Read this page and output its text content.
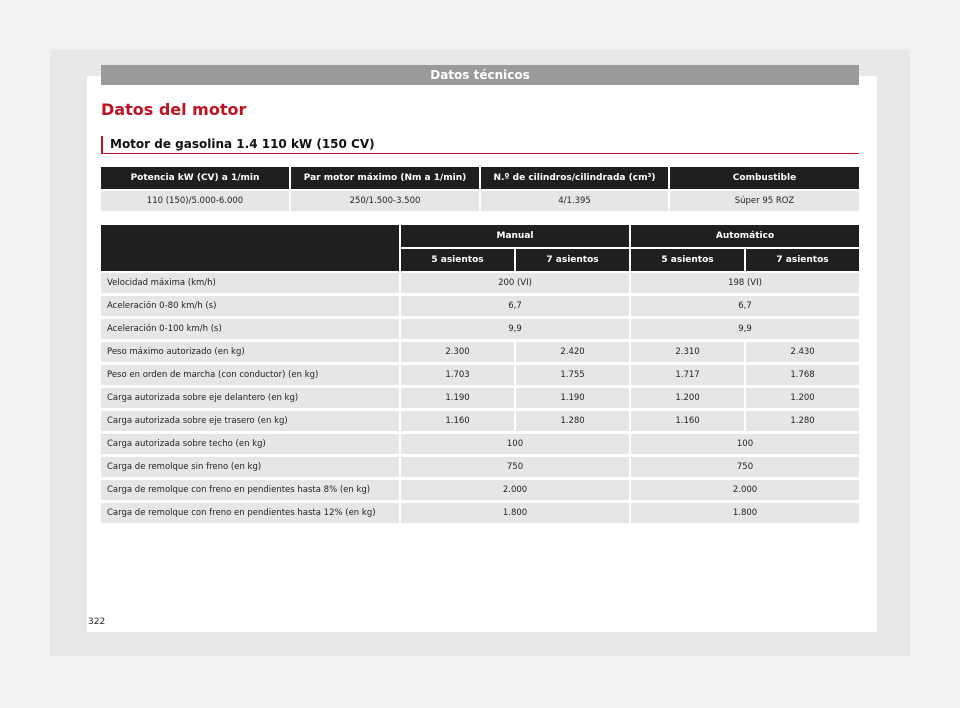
Datos técnicos
Datos del motor
Motor de gasolina 1.4 110 kW (150 CV)
Potencia kW (CV) a 1/min	Par motor máximo (Nm a 1/min)	N.º de cilindros/cilindrada (cm³)	Combustible
110 (150)/5.000-6.000	250/1.500-3.500	4/1.395	Súper 95 ROZ
	Manual		Automático	
	5 asientos	7 asientos	5 asientos	7 asientos
Velocidad máxima (km/h)	200 (VI)		198 (VI)	
Aceleración 0-80 km/h (s)	6,7		6,7	
Aceleración 0-100 km/h (s)	9,9		9,9	
Peso máximo autorizado (en kg)	2.300	2.420	2.310	2.430
Peso en orden de marcha (con conductor) (en kg)	1.703	1.755	1.717	1.768
Carga autorizada sobre eje delantero (en kg)	1.190	1.190	1.200	1.200
Carga autorizada sobre eje trasero (en kg)	1.160	1.280	1.160	1.280
Carga autorizada sobre techo (en kg)	100		100	
Carga de remolque sin freno (en kg)	750		750	
Carga de remolque con freno en pendientes hasta 8% (en kg)	2.000		2.000	
Carga de remolque con freno en pendientes hasta 12% (en kg)	1.800		1.800	
322
